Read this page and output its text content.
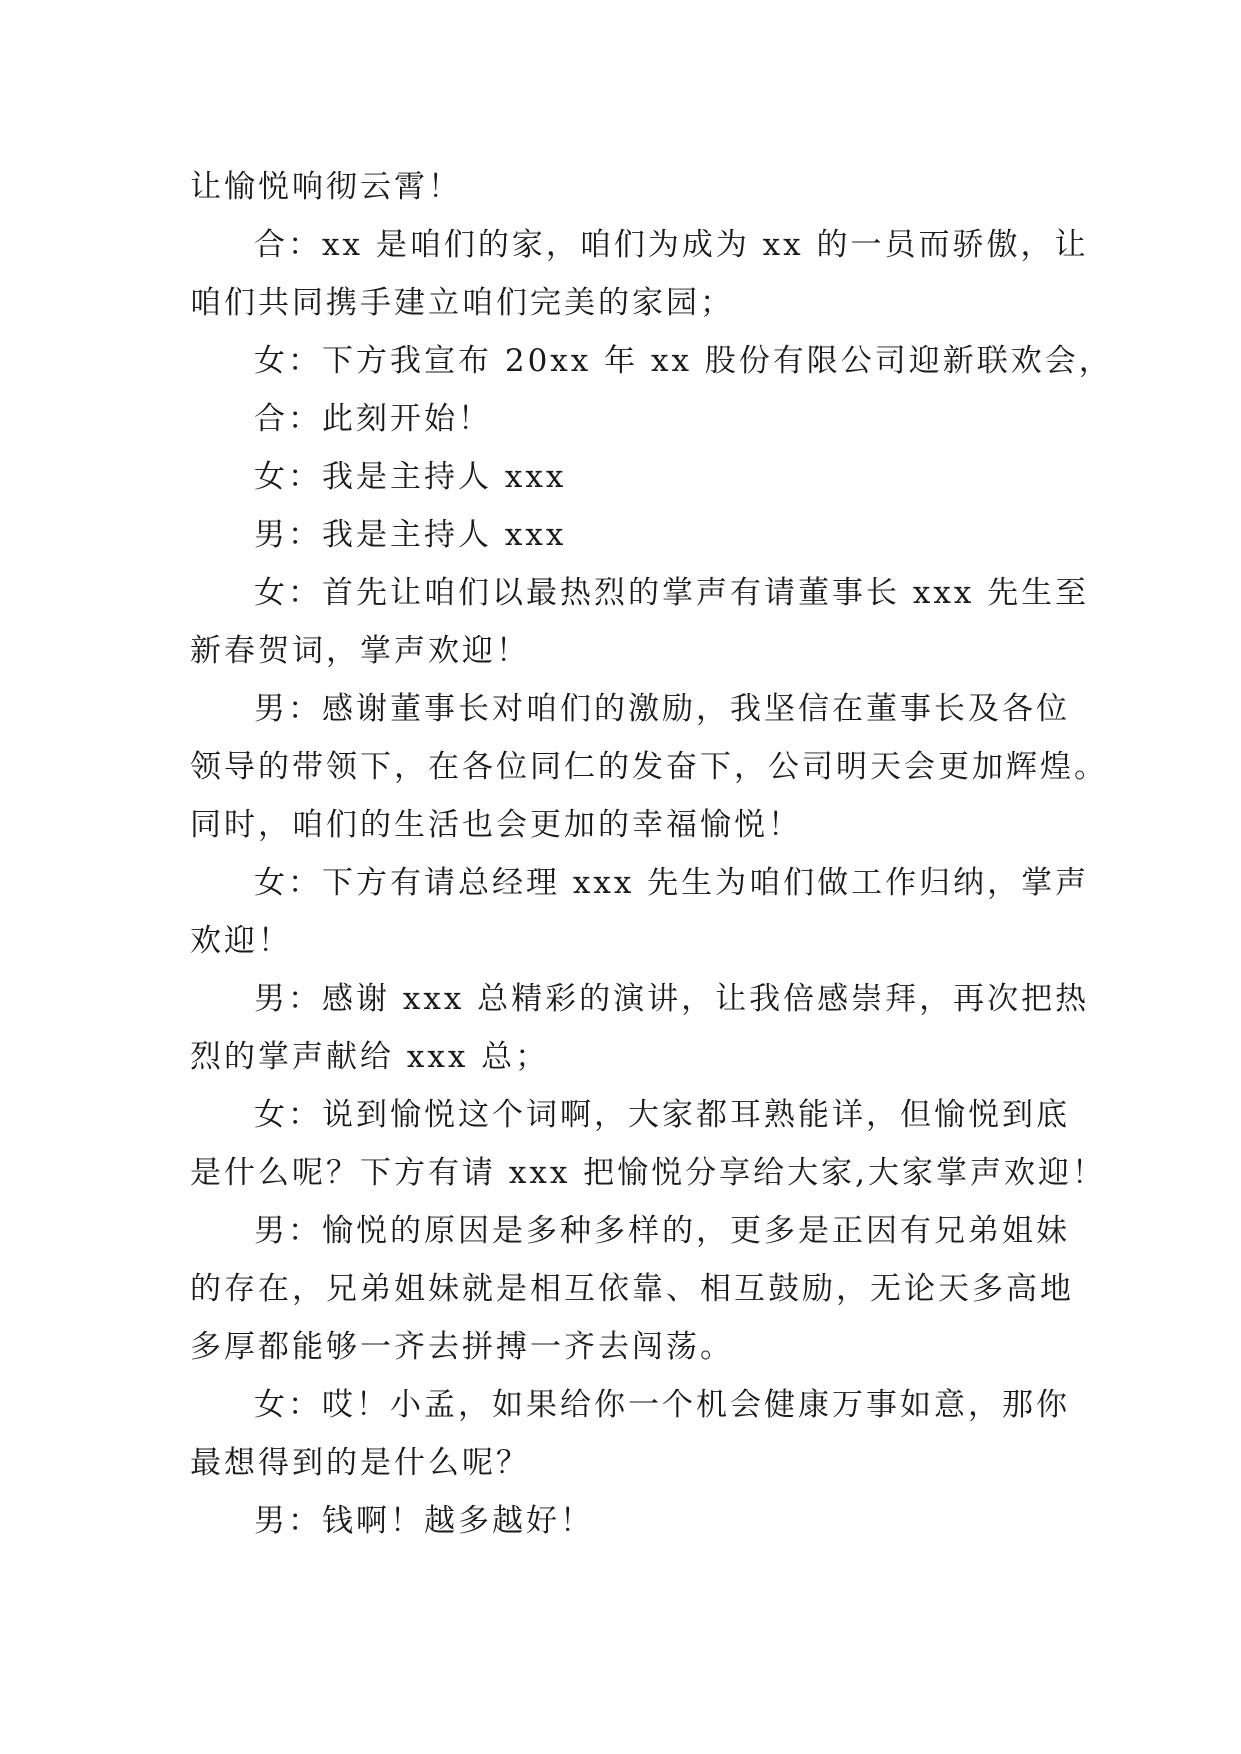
让愉悦响彻云霄！
合：xx 是咱们的家，咱们为成为 xx 的一员而骄傲，让
咱们共同携手建立咱们完美的家园；
女：下方我宣布 20xx 年 xx 股份有限公司迎新联欢会，
合：此刻开始！
女：我是主持人 xxx
男：我是主持人 xxx
女：首先让咱们以最热烈的掌声有请董事长 xxx 先生至
新春贺词，掌声欢迎！
男：感谢董事长对咱们的激励，我坚信在董事长及各位
领导的带领下，在各位同仁的发奋下，公司明天会更加辉煌。
同时，咱们的生活也会更加的幸福愉悦！
女：下方有请总经理 xxx 先生为咱们做工作归纳，掌声
欢迎！
男：感谢 xxx 总精彩的演讲，让我倍感崇拜，再次把热
烈的掌声献给 xxx 总；
女：说到愉悦这个词啊，大家都耳熟能详，但愉悦到底
是什么呢？下方有请 xxx 把愉悦分享给大家,大家掌声欢迎！
男：愉悦的原因是多种多样的，更多是正因有兄弟姐妹
的存在，兄弟姐妹就是相互依靠、相互鼓励，无论天多高地
多厚都能够一齐去拼搏一齐去闯荡。
女：哎！小孟，如果给你一个机会健康万事如意，那你
最想得到的是什么呢？
男：钱啊！越多越好！
